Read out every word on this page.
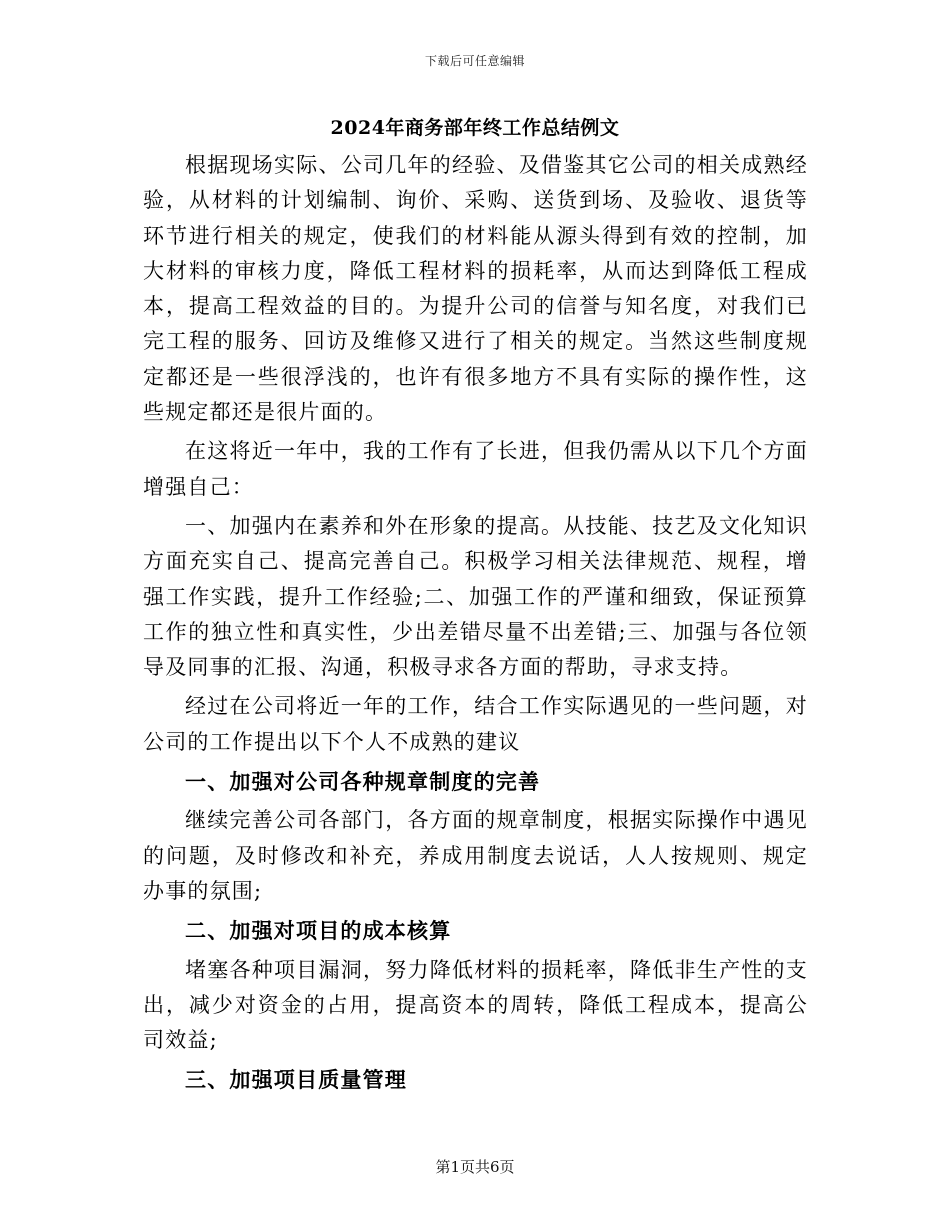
下载后可任意编辑
2024年商务部年终工作总结例文

根据现场实际、公司几年的经验、及借鉴其它公司的相关成熟经验，从材料的计划编制、询价、采购、送货到场、及验收、退货等环节进行相关的规定，使我们的材料能从源头得到有效的控制，加大材料的审核力度，降低工程材料的损耗率，从而达到降低工程成本，提高工程效益的目的。为提升公司的信誉与知名度，对我们已完工程的服务、回访及维修又进行了相关的规定。当然这些制度规定都还是一些很浮浅的，也许有很多地方不具有实际的操作性，这些规定都还是很片面的。

在这将近一年中，我的工作有了长进，但我仍需从以下几个方面增强自己：

一、加强内在素养和外在形象的提高。从技能、技艺及文化知识方面充实自己、提高完善自己。积极学习相关法律规范、规程，增强工作实践，提升工作经验;二、加强工作的严谨和细致，保证预算工作的独立性和真实性，少出差错尽量不出差错;三、加强与各位领导及同事的汇报、沟通，积极寻求各方面的帮助，寻求支持。

经过在公司将近一年的工作，结合工作实际遇见的一些问题，对公司的工作提出以下个人不成熟的建议

一、加强对公司各种规章制度的完善

继续完善公司各部门，各方面的规章制度，根据实际操作中遇见的问题，及时修改和补充，养成用制度去说话，人人按规则、规定办事的氛围;

二、加强对项目的成本核算

堵塞各种项目漏洞，努力降低材料的损耗率，降低非生产性的支出，减少对资金的占用，提高资本的周转，降低工程成本，提高公司效益;

三、加强项目质量管理
第1页共6页
